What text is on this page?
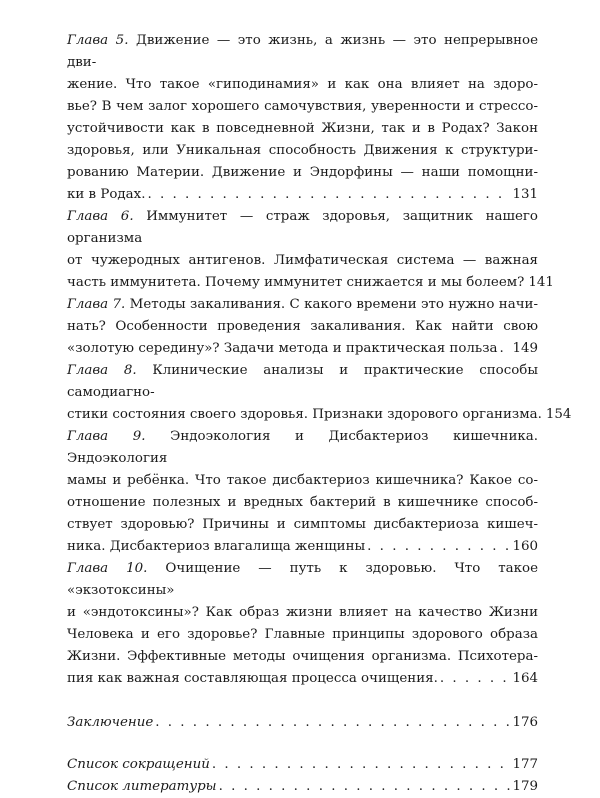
Глава 5. Движение — это жизнь, а жизнь — это непрерывное дви-
жение. Что такое «гиподинамия» и как она влияет на здоро-
вье? В чем залог хорошего самочувствия, уверенности и стрессо-
устойчивости как в повседневной Жизни, так и в Родах? Закон
здоровья, или Уникальная способность Движения к структури-
рованию Материи. Движение и Эндорфины — наши помощни-
ки в Родах. . . .	131

Глава 6. Иммунитет — страж здоровья, защитник нашего организма
от чужеродных антигенов. Лимфатическая система — важная
часть иммунитета. Почему иммунитет снижается и мы болеем? 141

Глава 7. Методы закаливания. С какого времени это нужно начи-
нать? Особенности проведения закаливания. Как найти свою
«золотую середину»? Задачи метода и практическая польза . . . 149

Глава 8. Клинические анализы и практические способы самодиагно-
стики состояния своего здоровья. Признаки здорового организма. 154

Глава 9. Эндоэкология и Дисбактериоз кишечника. Эндоэкология
мамы и ребёнка. Что такое дисбактериоз кишечника? Какое со-
отношение полезных и вредных бактерий в кишечнике способ-
ствует здоровью? Причины и симптомы дисбактериоза кишеч-
ника. Дисбактериоз влагалища женщины . . .	160

Глава 10. Очищение — путь к здоровью. Что такое «экзотоксины»
и «эндотоксины»? Как образ жизни влияет на качество Жизни
Человека и его здоровье? Главные принципы здорового образа
Жизни. Эффективные методы очищения организма. Психотера-
пия как важная составляющая процесса очищения. . . .	164

Заключение . . .	176

Список сокращений . . .	177

Список литературы . . .	179
